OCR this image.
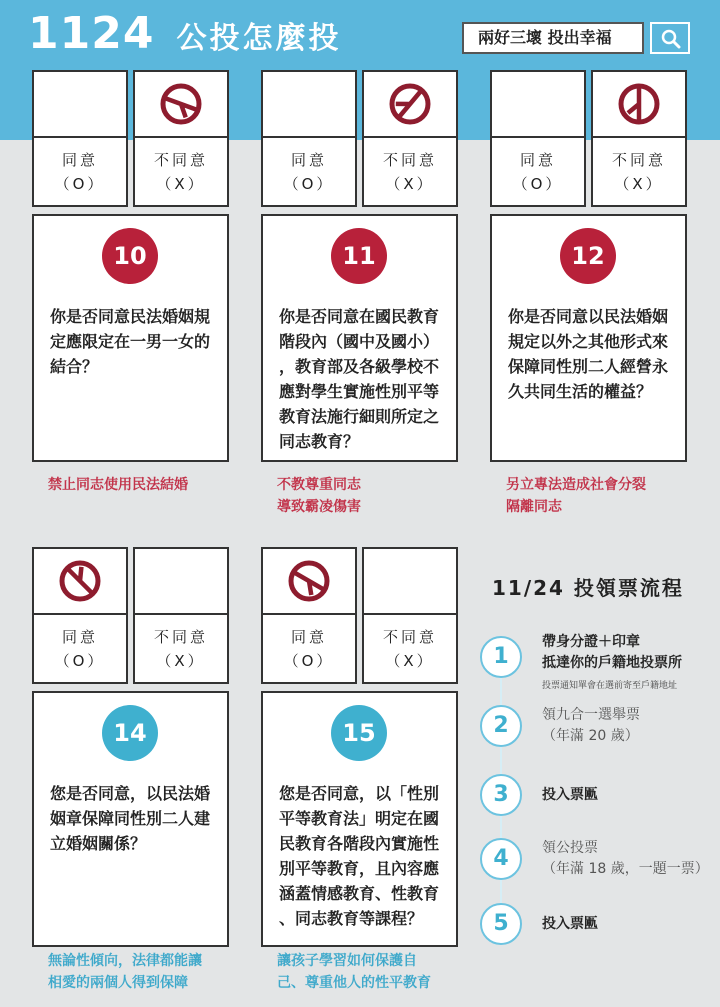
1124 公投怎麼投	兩好三壞 投出幸福
同意
（O）
不同意
（X）
10
你是否同意民法婚姻規
定應限定在一男一女的
結合？
禁止同志使用民法結婚
同意
（O）
不同意
（X）
11
你是否同意在國民教育
階段內（國中及國小）
，教育部及各級學校不
應對學生實施性別平等
教育法施行細則所定之
同志教育？
不教尊重同志
導致霸凌傷害
同意
（O）
不同意
（X）
12
你是否同意以民法婚姻
規定以外之其他形式來
保障同性別二人經營永
久共同生活的權益？
另立專法造成社會分裂
隔離同志
同意
（O）
不同意
（X）
14
您是否同意，以民法婚
姻章保障同性別二人建
立婚姻關係？
無論性傾向，法律都能讓
相愛的兩個人得到保障
同意
（O）
不同意
（X）
15
您是否同意，以「性別
平等教育法」明定在國
民教育各階段內實施性
別平等教育，且內容應
涵蓋情感教育、性教育
、同志教育等課程？
讓孩子學習如何保護自
己、尊重他人的性平教育
11/24 投領票流程
1
帶身分證＋印章
抵達你的戶籍地投票所
投票通知單會在選前寄至戶籍地址
2	領九合一選舉票
（年滿 20 歲）
3	投入票匭
4	領公投票
（年滿 18 歲，一題一票）
5	投入票匭
